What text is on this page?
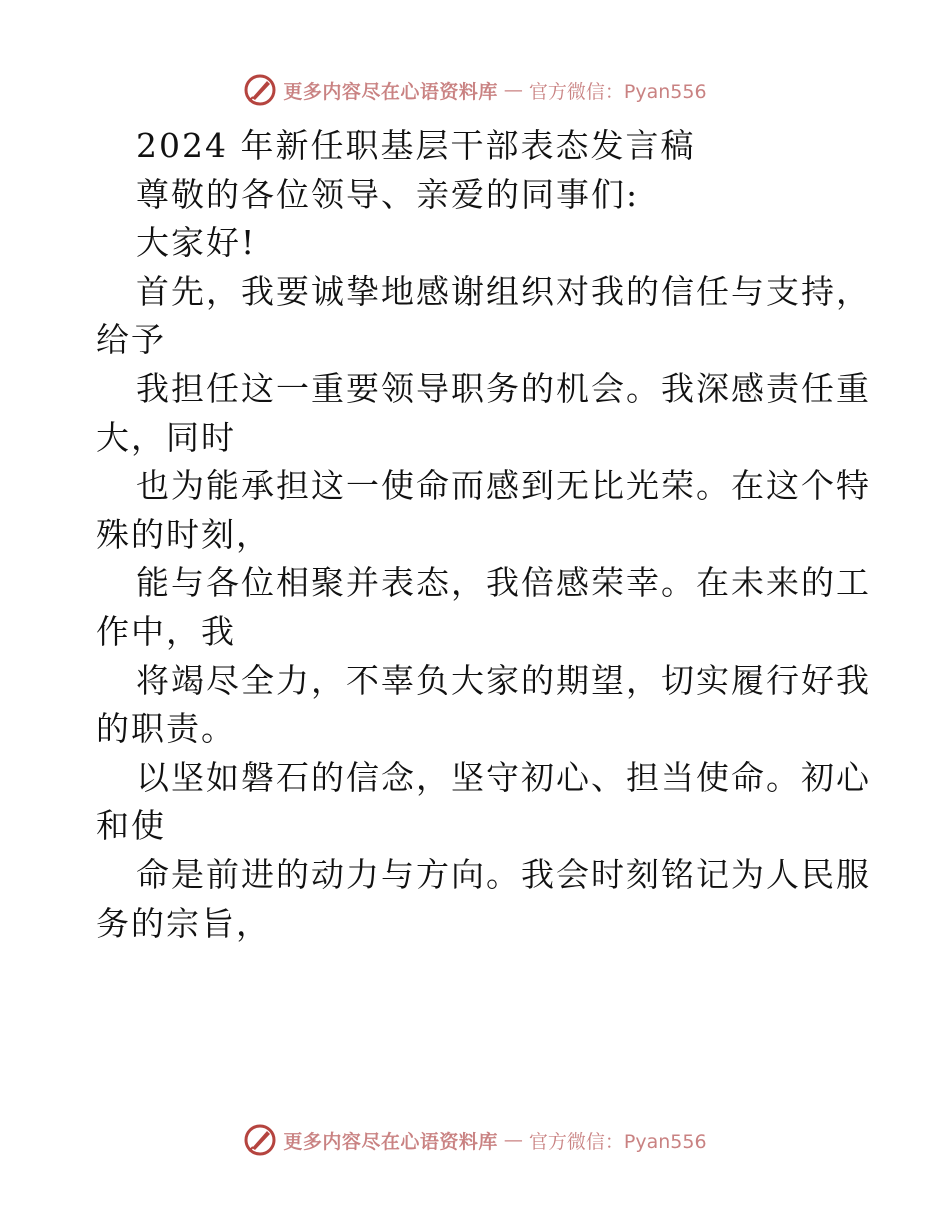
更多内容尽在心语资料库 — 官方微信：Pyan556
2024 年新任职基层干部表态发言稿
尊敬的各位领导、亲爱的同事们:
大家好!
首先，我要诚挚地感谢组织对我的信任与支持，
给予
我担任这一重要领导职务的机会。我深感责任重
大，同时
也为能承担这一使命而感到无比光荣。在这个特
殊的时刻，
能与各位相聚并表态，我倍感荣幸。在未来的工
作中，我
将竭尽全力，不辜负大家的期望，切实履行好我
的职责。
以坚如磐石的信念，坚守初心、担当使命。初心
和使
命是前进的动力与方向。我会时刻铭记为人民服
务的宗旨，
更多内容尽在心语资料库 — 官方微信：Pyan556
